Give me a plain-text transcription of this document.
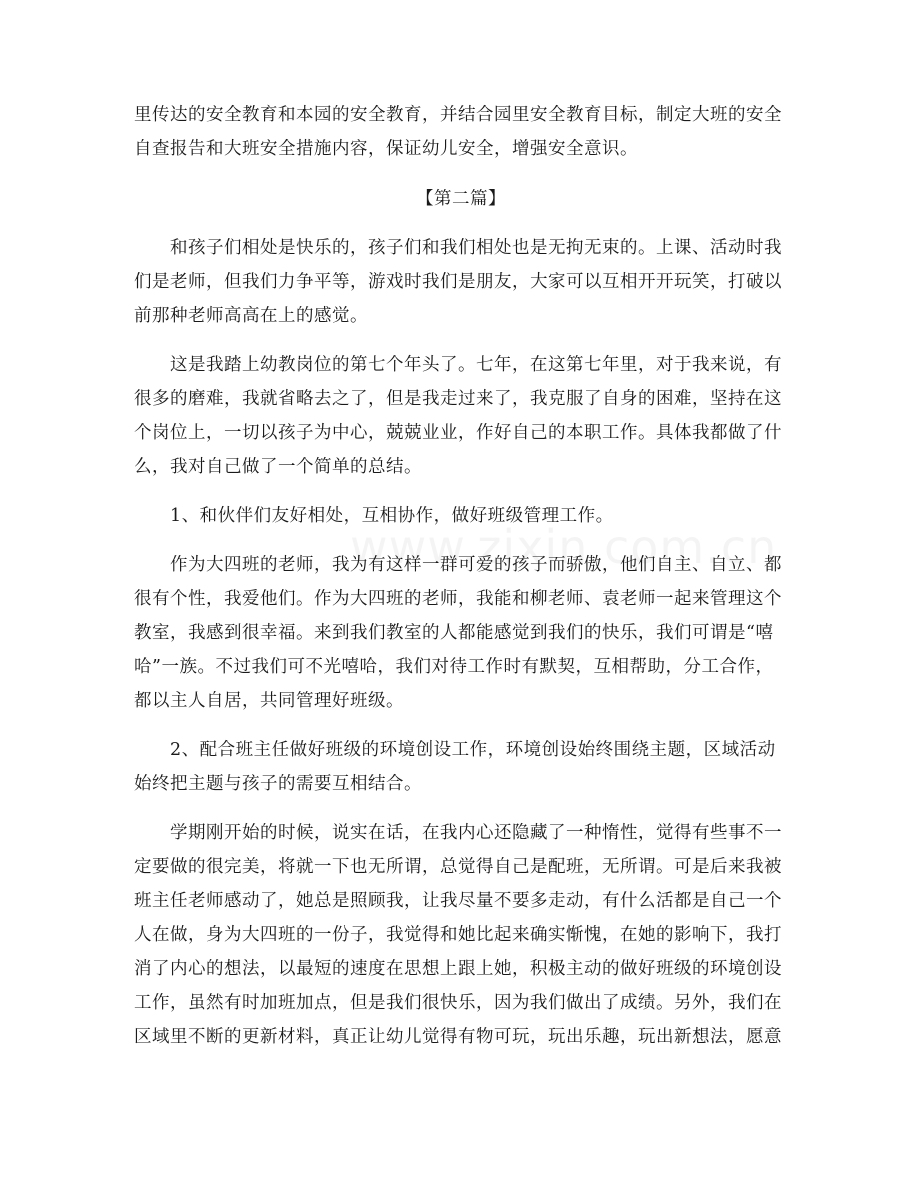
里传达的安全教育和本园的安全教育，并结合园里安全教育目标，制定大班的安全
自查报告和大班安全措施内容，保证幼儿安全，增强安全意识。
【第二篇】
和孩子们相处是快乐的，孩子们和我们相处也是无拘无束的。上课、活动时我
们是老师，但我们力争平等，游戏时我们是朋友，大家可以互相开开玩笑，打破以
前那种老师高高在上的感觉。
这是我踏上幼教岗位的第七个年头了。七年，在这第七年里，对于我来说，有
很多的磨难，我就省略去之了，但是我走过来了，我克服了自身的困难，坚持在这
个岗位上，一切以孩子为中心，兢兢业业，作好自己的本职工作。具体我都做了什
么，我对自己做了一个简单的总结。
1、和伙伴们友好相处，互相协作，做好班级管理工作。
作为大四班的老师，我为有这样一群可爱的孩子而骄傲，他们自主、自立、都
很有个性，我爱他们。作为大四班的老师，我能和柳老师、袁老师一起来管理这个
教室，我感到很幸福。来到我们教室的人都能感觉到我们的快乐，我们可谓是“嘻
哈”一族。不过我们可不光嘻哈，我们对待工作时有默契，互相帮助，分工合作，
都以主人自居，共同管理好班级。
2、配合班主任做好班级的环境创设工作，环境创设始终围绕主题，区域活动
始终把主题与孩子的需要互相结合。
学期刚开始的时候，说实在话，在我内心还隐藏了一种惰性，觉得有些事不一
定要做的很完美，将就一下也无所谓，总觉得自己是配班，无所谓。可是后来我被
班主任老师感动了，她总是照顾我，让我尽量不要多走动，有什么活都是自己一个
人在做，身为大四班的一份子，我觉得和她比起来确实惭愧，在她的影响下，我打
消了内心的想法，以最短的速度在思想上跟上她，积极主动的做好班级的环境创设
工作，虽然有时加班加点，但是我们很快乐，因为我们做出了成绩。另外，我们在
区域里不断的更新材料，真正让幼儿觉得有物可玩，玩出乐趣，玩出新想法，愿意
